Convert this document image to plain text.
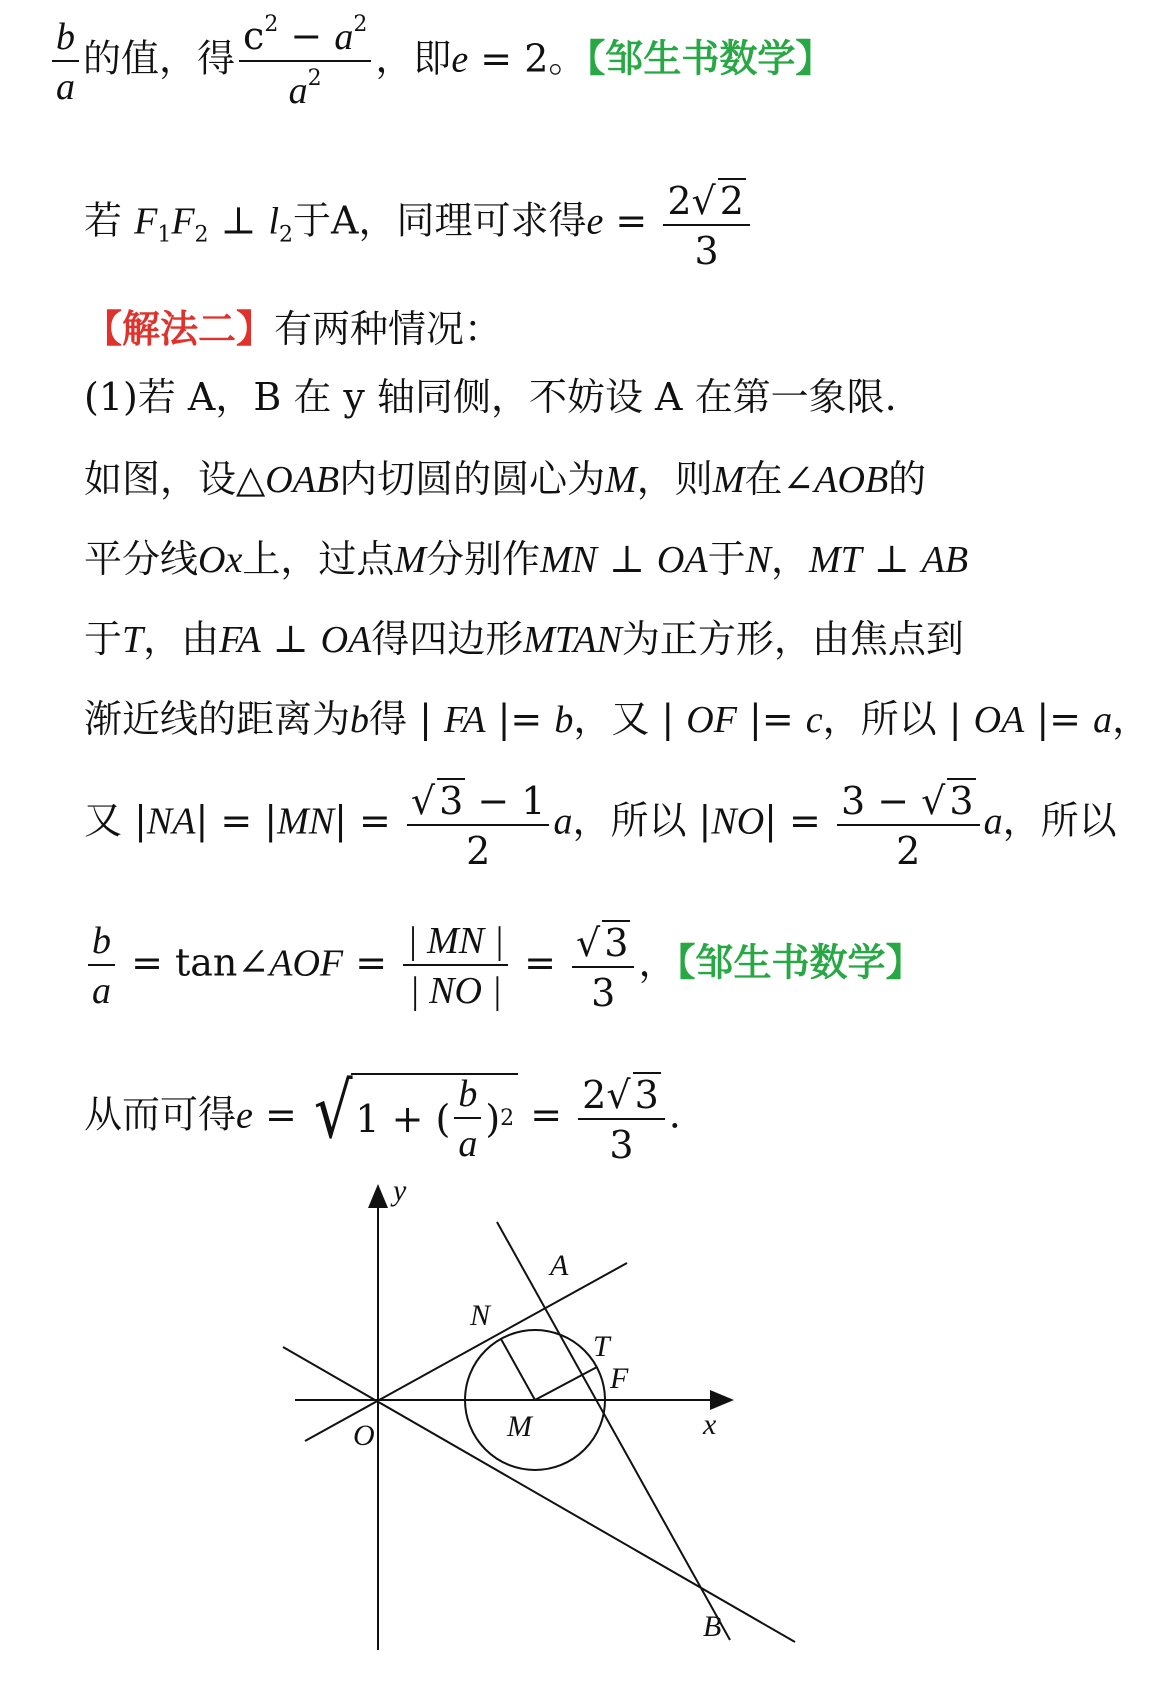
$\frac{b}{a}$ 的值，得 $\frac{c^2 - a^2}{a^2}$ ，即e = 2。【邹生书数学】
若 $F_1F_2$ ⊥ $l_2$于A，同理可求得$e = \frac{2√ 2}{3}$
【解法二】有两种情况：
(1)若 A，B 在 y 轴同侧，不妨设 A 在第一象限.
如图，设△OAB内切圆的圆心为M，则M在∠AOB的
平分线Ox上，过点M分别作MN ⊥ OA于N，MT ⊥ AB
于T，由FA ⊥ OA得四边形MTAN为正方形，由焦点到
渐近线的距离为b得 | FA |= b，又 | OF |= c，所以 | OA |= a，
又 $|NA| = |MN| = \frac{√ 3 - 1}{2}$ a，所以 $|NO| = \frac{3 - √ 3}{2}$ a，所以
$\frac{b}{a}$ = tan∠AOF = $\frac{| MN |}{| NO |} = \frac{√ 3}{3}$ ，【邹生书数学】
从而可得e = √ 1 + ( $\frac{b}{a}$ ) $2 = \frac{2√ 3}{3}$ .
y
x
O
A
N
T
F
M
B
